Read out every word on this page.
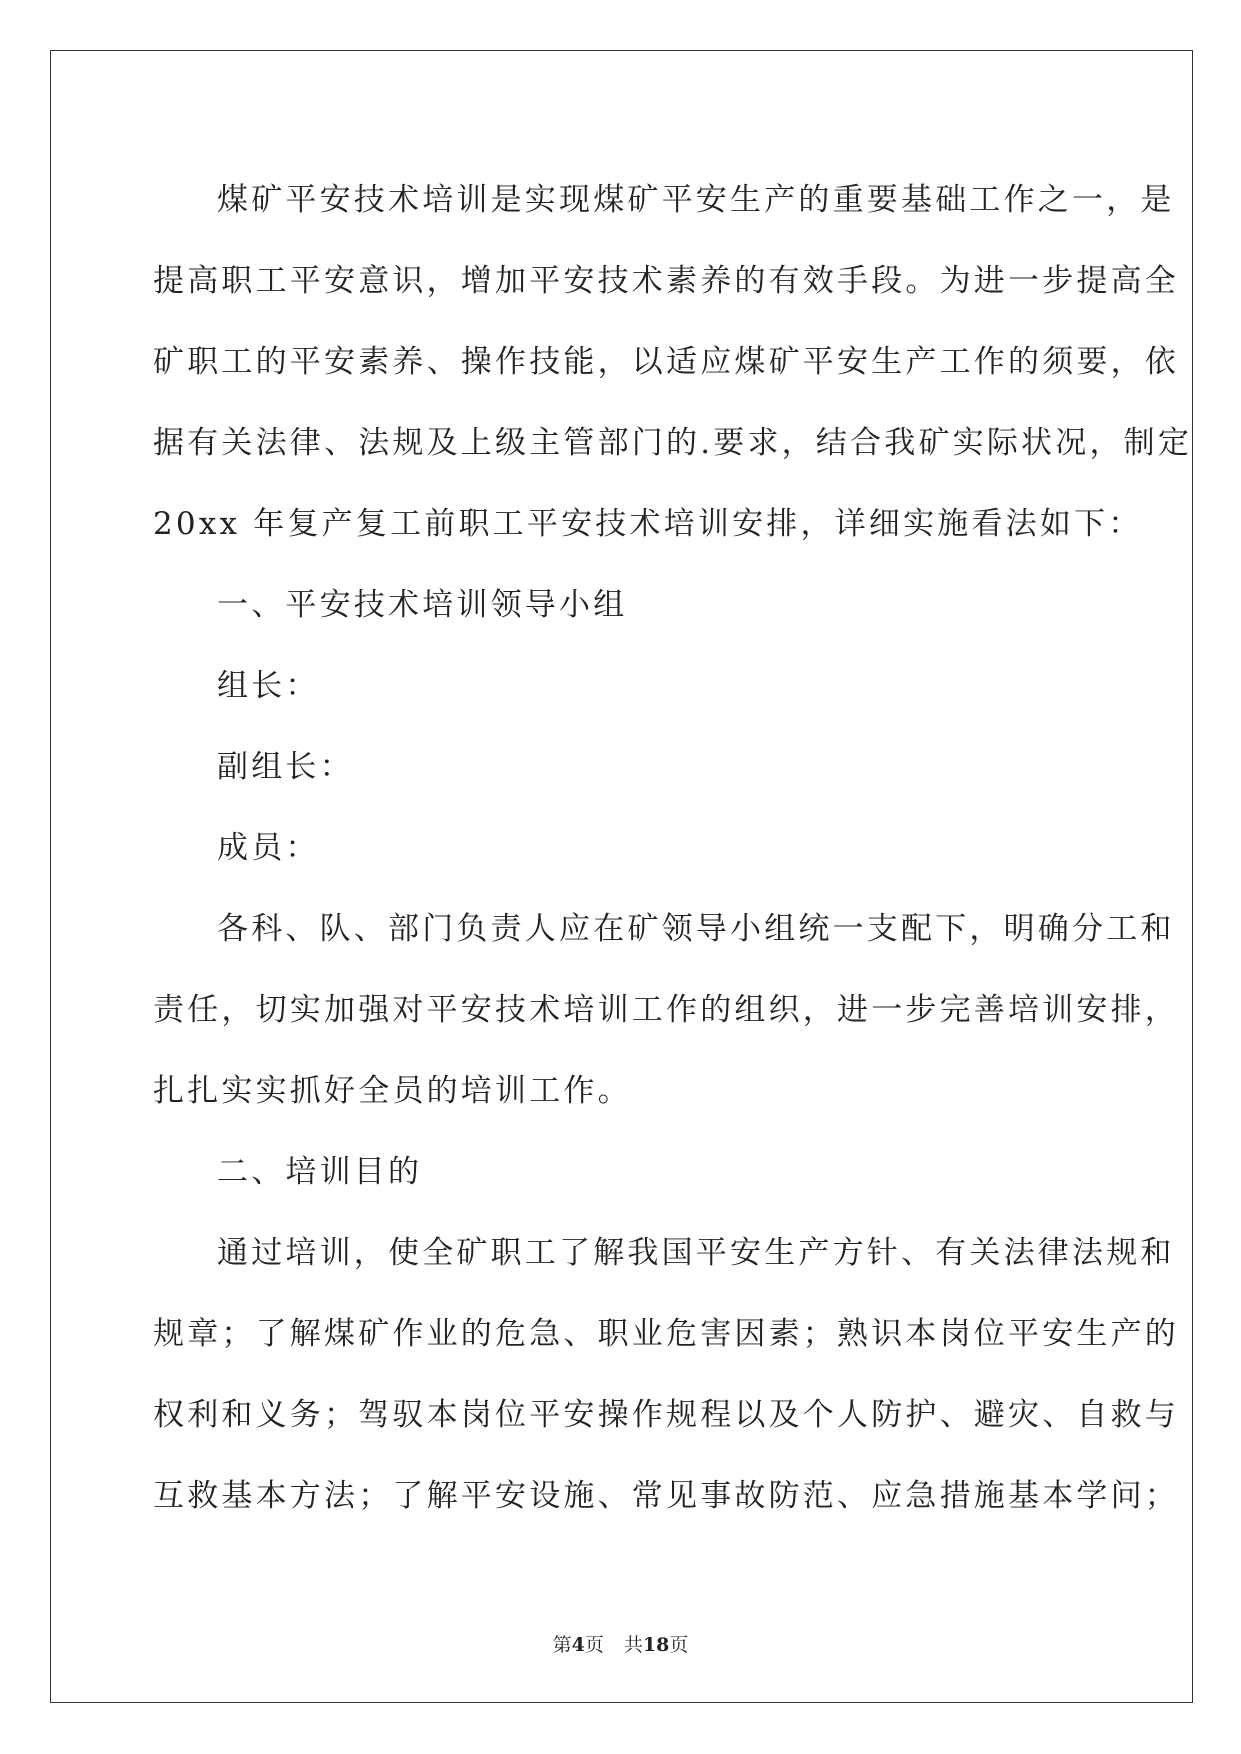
煤矿平安技术培训是实现煤矿平安生产的重要基础工作之一，是
提高职工平安意识，增加平安技术素养的有效手段。为进一步提高全
矿职工的平安素养、操作技能，以适应煤矿平安生产工作的须要，依
据有关法律、法规及上级主管部门的.要求，结合我矿实际状况，制定
20xx 年复产复工前职工平安技术培训安排，详细实施看法如下：
一、平安技术培训领导小组
组长：
副组长：
成员：
各科、队、部门负责人应在矿领导小组统一支配下，明确分工和
责任，切实加强对平安技术培训工作的组织，进一步完善培训安排，
扎扎实实抓好全员的培训工作。
二、培训目的
通过培训，使全矿职工了解我国平安生产方针、有关法律法规和
规章；了解煤矿作业的危急、职业危害因素；熟识本岗位平安生产的
权利和义务；驾驭本岗位平安操作规程以及个人防护、避灾、自救与
互救基本方法；了解平安设施、常见事故防范、应急措施基本学问；
第4页 共18页
